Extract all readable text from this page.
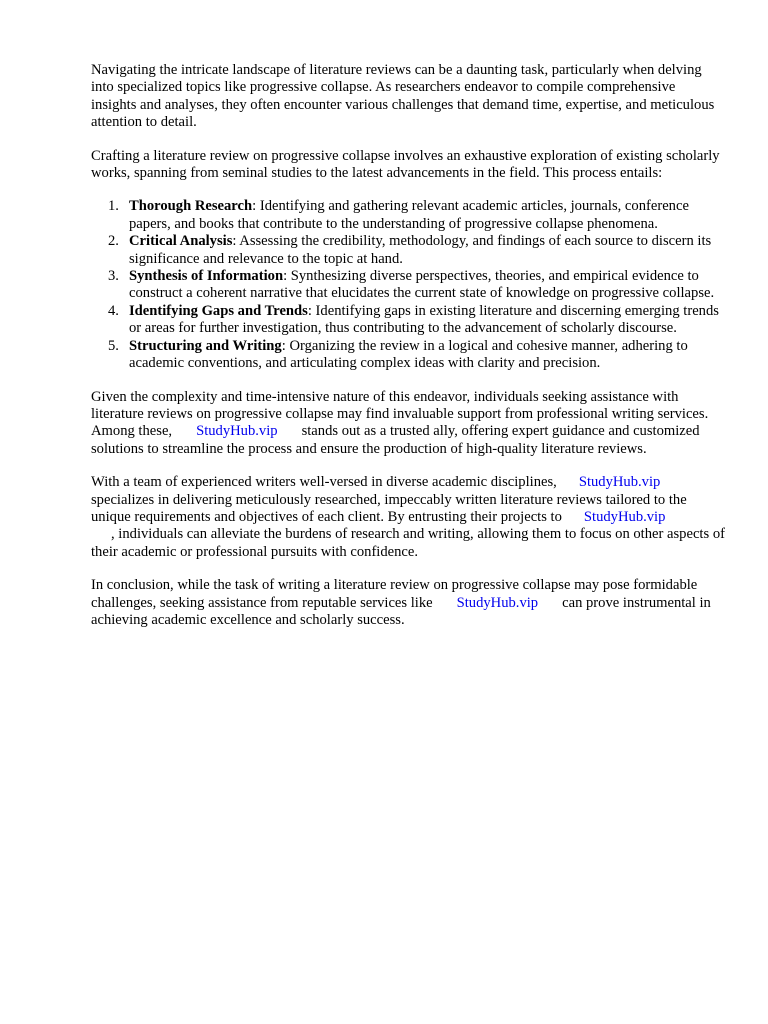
Navigating the intricate landscape of literature reviews can be a daunting task, particularly when delving into specialized topics like progressive collapse. As researchers endeavor to compile comprehensive insights and analyses, they often encounter various challenges that demand time, expertise, and meticulous attention to detail.

Crafting a literature review on progressive collapse involves an exhaustive exploration of existing scholarly works, spanning from seminal studies to the latest advancements in the field. This process entails:

1. Thorough Research: Identifying and gathering relevant academic articles, journals, conference papers, and books that contribute to the understanding of progressive collapse phenomena.
2. Critical Analysis: Assessing the credibility, methodology, and findings of each source to discern its significance and relevance to the topic at hand.
3. Synthesis of Information: Synthesizing diverse perspectives, theories, and empirical evidence to construct a coherent narrative that elucidates the current state of knowledge on progressive collapse.
4. Identifying Gaps and Trends: Identifying gaps in existing literature and discerning emerging trends or areas for further investigation, thus contributing to the advancement of scholarly discourse.
5. Structuring and Writing: Organizing the review in a logical and cohesive manner, adhering to academic conventions, and articulating complex ideas with clarity and precision.

Given the complexity and time-intensive nature of this endeavor, individuals seeking assistance with literature reviews on progressive collapse may find invaluable support from professional writing services. Among these, StudyHub.vip stands out as a trusted ally, offering expert guidance and customized solutions to streamline the process and ensure the production of high-quality literature reviews.

With a team of experienced writers well-versed in diverse academic disciplines, StudyHub.vip
specializes in delivering meticulously researched, impeccably written literature reviews tailored to the unique requirements and objectives of each client. By entrusting their projects to StudyHub.vip
, individuals can alleviate the burdens of research and writing, allowing them to focus on other aspects of their academic or professional pursuits with confidence.

In conclusion, while the task of writing a literature review on progressive collapse may pose formidable challenges, seeking assistance from reputable services like StudyHub.vip can prove instrumental in achieving academic excellence and scholarly success.
